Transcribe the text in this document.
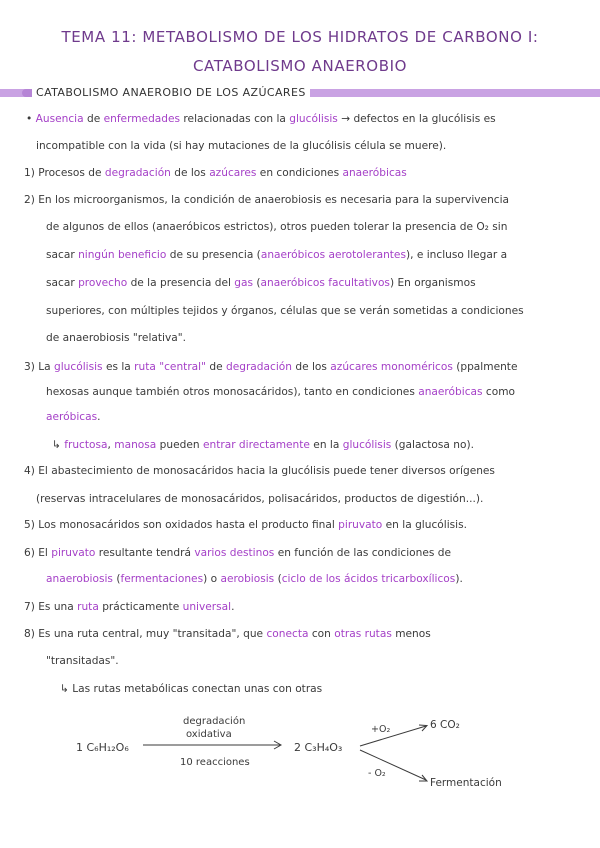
TEMA 11: METABOLISMO DE LOS HIDRATOS DE CARBONO I:
CATABOLISMO ANAEROBIO
CATABOLISMO ANAEROBIO DE LOS AZÚCARES
• Ausencia de enfermedades relacionadas con la glucólisis → defectos en la glucólisis es
incompatible con la vida (si hay mutaciones de la glucólisis célula se muere).
1) Procesos de degradación de los azúcares en condiciones anaeróbicas
2) En los microorganismos, la condición de anaerobiosis es necesaria para la supervivencia
de algunos de ellos (anaeróbicos estrictos), otros pueden tolerar la presencia de O₂ sin
sacar ningún beneficio de su presencia (anaeróbicos aerotolerantes), e incluso llegar a
sacar provecho de la presencia del gas (anaeróbicos facultativos) En organismos
superiores, con múltiples tejidos y órganos, células que se verán sometidas a condiciones
de anaerobiosis "relativa".
3) La glucólisis es la ruta "central" de degradación de los azúcares monoméricos (ppalmente
hexosas aunque también otros monosacáridos), tanto en condiciones anaeróbicas como
aeróbicas.
↳ fructosa, manosa pueden entrar directamente en la glucólisis (galactosa no).
4) El abastecimiento de monosacáridos hacia la glucólisis puede tener diversos orígenes
(reservas intracelulares de monosacáridos, polisacáridos, productos de digestión...).
5) Los monosacáridos son oxidados hasta el producto final piruvato en la glucólisis.
6) El piruvato resultante tendrá varios destinos en función de las condiciones de
anaerobiosis (fermentaciones) o aerobiosis (ciclo de los ácidos tricarboxílicos).
7) Es una ruta prácticamente universal.
8) Es una ruta central, muy "transitada", que conecta con otras rutas menos
"transitadas".
↳ Las rutas metabólicas conectan unas con otras
1 C₆H₁₂O₆
degradación
oxidativa
10 reacciones
2 C₃H₄O₃
+O₂	6 CO₂
- O₂
Fermentación
